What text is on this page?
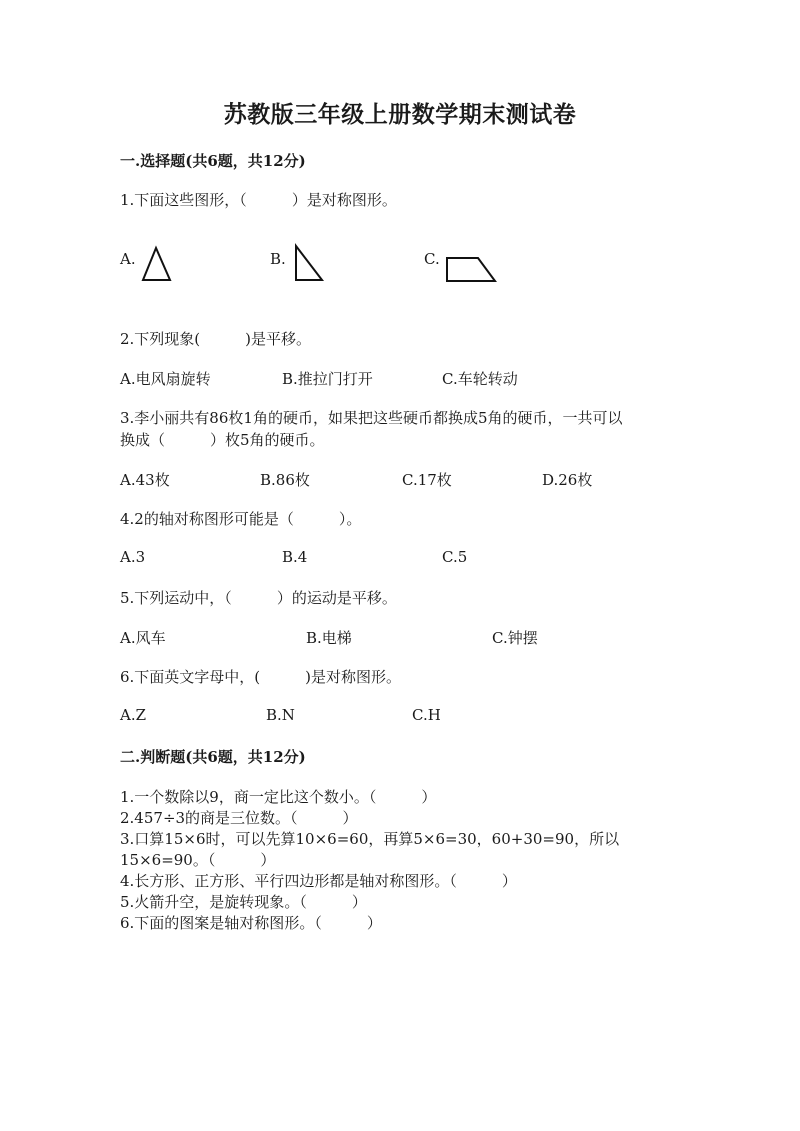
苏教版三年级上册数学期末测试卷
一.选择题(共6题，共12分)
1.下面这些图形，（　　　）是对称图形。
A.	B.	C.
2.下列现象(　　　)是平移。
A.电风扇旋转	B.推拉门打开	C.车轮转动
3.李小丽共有86枚1角的硬币，如果把这些硬币都换成5角的硬币，一共可以
换成（　　　）枚5角的硬币。
A.43枚	B.86枚	C.17枚	D.26枚
4.2的轴对称图形可能是（　　　）。
A.3	B.4	C.5
5.下列运动中，（　　　）的运动是平移。
A.风车	B.电梯	C.钟摆
6.下面英文字母中，(　　　)是对称图形。
A.Z	B.N	C.H
二.判断题(共6题，共12分)
1.一个数除以9，商一定比这个数小。（　　　）
2.457÷3的商是三位数。（　　　）
3.口算15×6时，可以先算10×6=60，再算5×6=30，60+30=90，所以
15×6=90。（　　　）
4.长方形、正方形、平行四边形都是轴对称图形。（　　　）
5.火箭升空，是旋转现象。（　　　）
6.下面的图案是轴对称图形。（　　　）
